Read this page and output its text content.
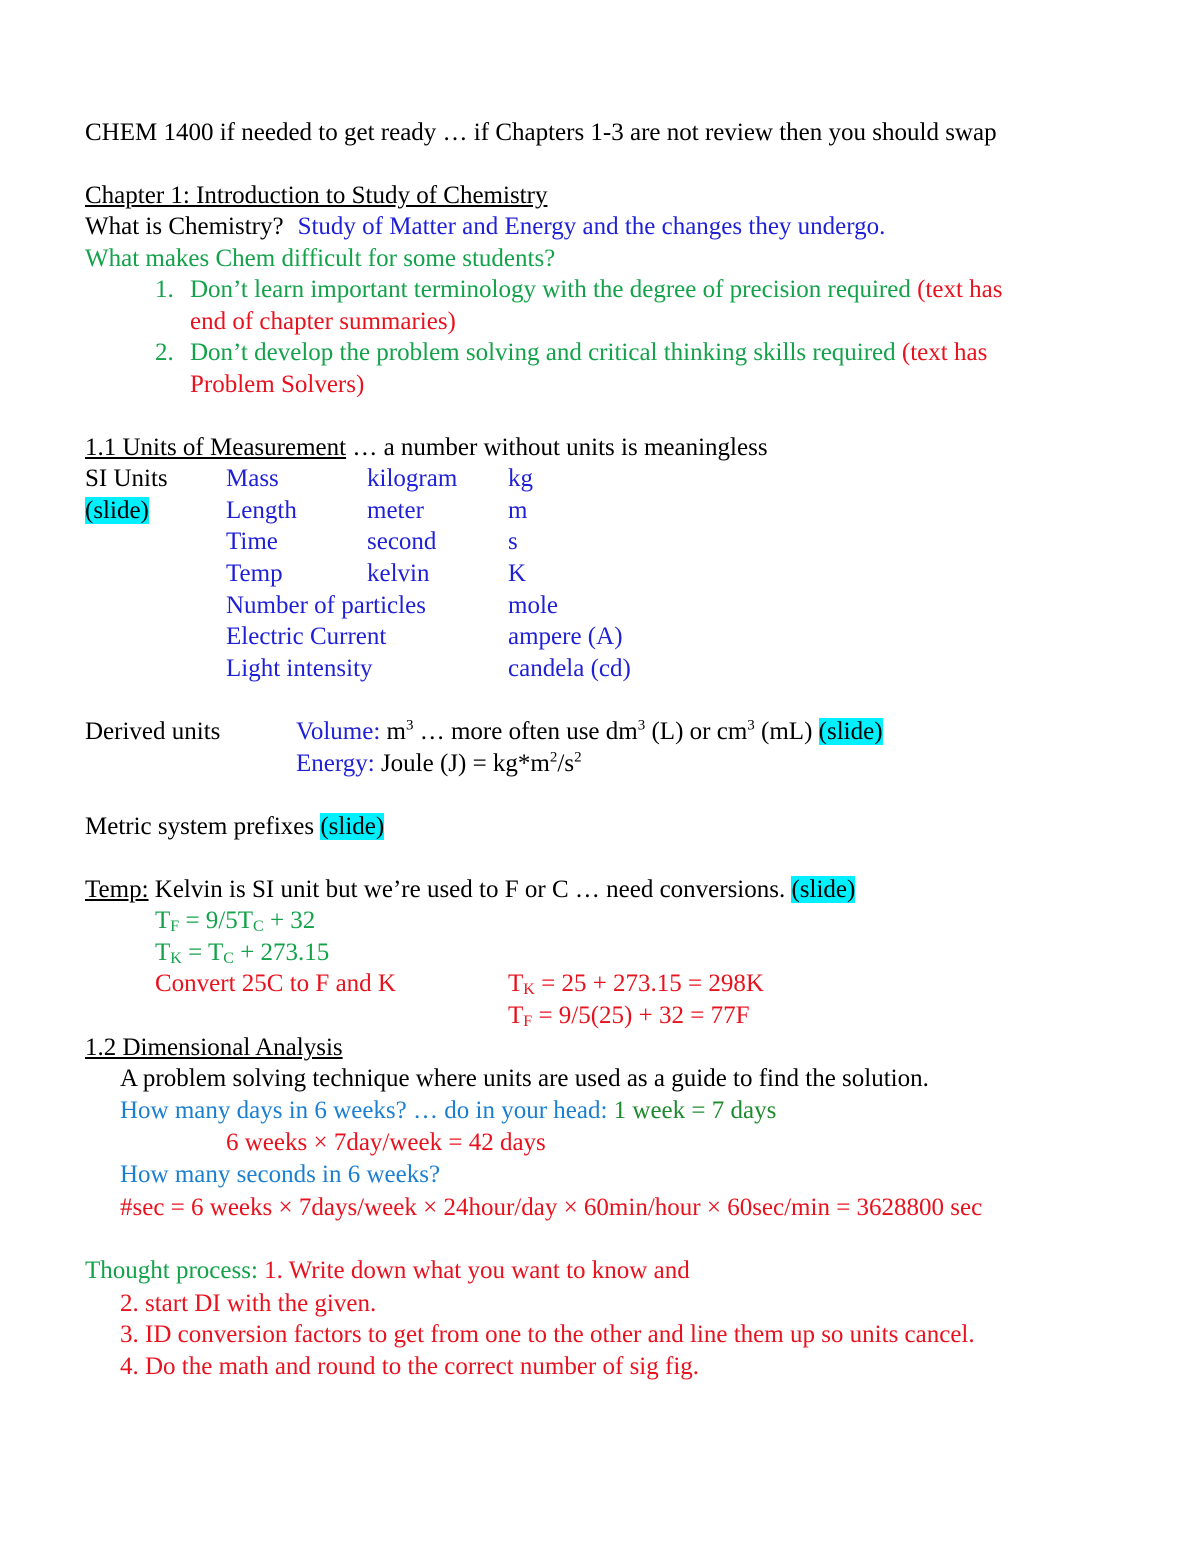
CHEM 1400 if needed to get ready … if Chapters 1-3 are not review then you should swap
Chapter 1: Introduction to Study of Chemistry
What is Chemistry? Study of Matter and Energy and the changes they undergo.
What makes Chem difficult for some students?
1. Don’t learn important terminology with the degree of precision required (text has
end of chapter summaries)
2. Don’t develop the problem solving and critical thinking skills required (text has
Problem Solvers)
1.1 Units of Measurement … a number without units is meaningless
SI Units
(slide)
Mass	kilogram kg
Length	meter	m
Time	second	s
Temp	kelvin	K
Number of particles	mole
Electric Current	ampere (A)
Light intensity	candela (cd)
Derived units	Volume: $m^3$ … more often use $dm^3$ (L) or $cm^3$ (mL) (slide)
Energy: Joule $(J) = kg*m^2/s^2$
Metric system prefixes (slide)
Temp: Kelvin is SI unit but we’re used to F or C … need conversions. (slide)
$T_F = 9/5T_C + 32$
$T_K = T_C + 273.15$
Convert 25C to F and K	$T_K = 25 + 273.15 = 298K$
$T_F = 9/5(25) + 32 = 77F$
1.2 Dimensional Analysis
A problem solving technique where units are used as a guide to find the solution.
How many days in 6 weeks? … do in your head: 1 week = 7 days
6 weeks × 7day/week = 42 days
How many seconds in 6 weeks?
#sec = 6 weeks × 7days/week × 24hour/day × 60min/hour × 60sec/min = 3628800 sec
Thought process: 1. Write down what you want to know and
2. start DI with the given.
3. ID conversion factors to get from one to the other and line them up so units cancel.
4. Do the math and round to the correct number of sig fig.
